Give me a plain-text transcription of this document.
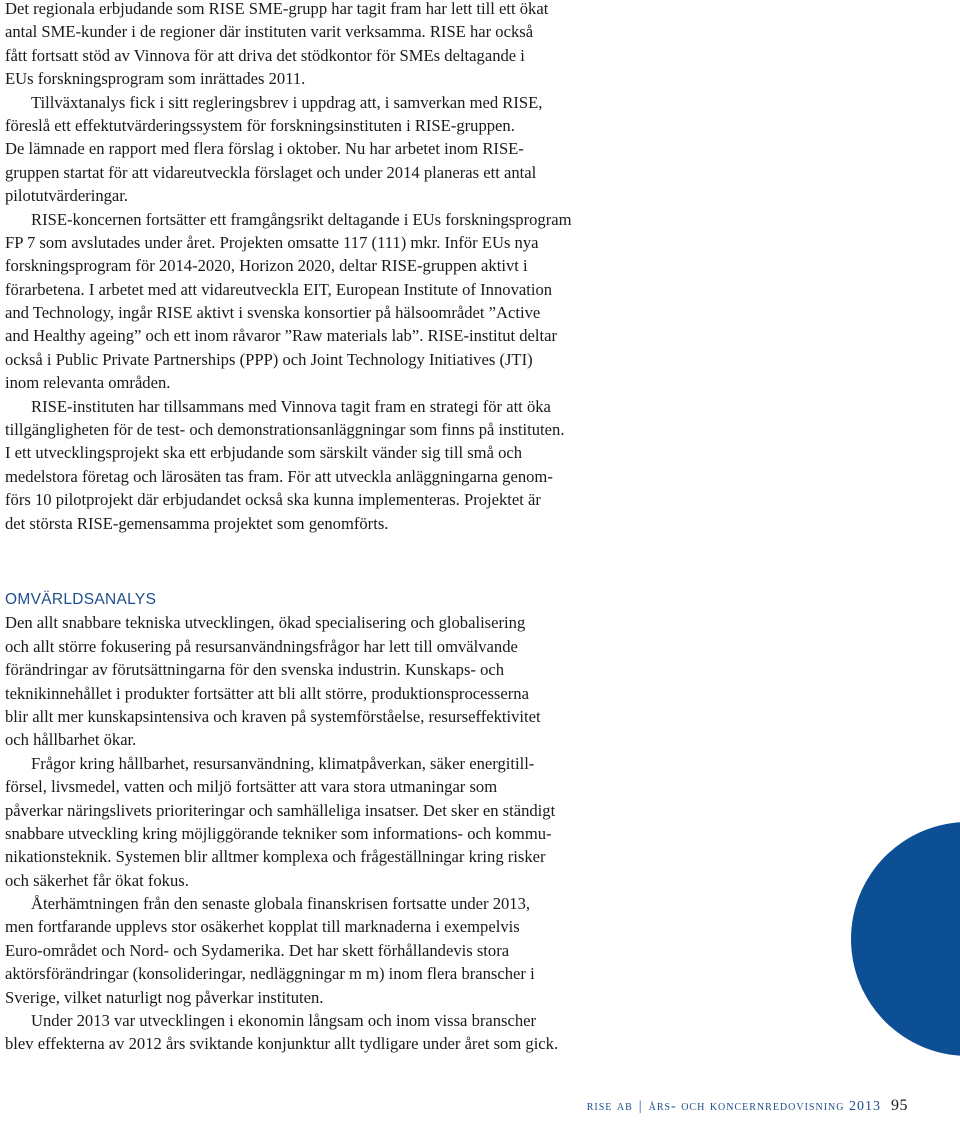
Det regionala erbjudande som RISE SME-grupp har tagit fram har lett till ett ökat
antal SME-kunder i de regioner där instituten varit verksamma. RISE har också
fått fortsatt stöd av Vinnova för att driva det stödkontor för SMEs deltagande i
EUs forskningsprogram som inrättades 2011.
Tillväxtanalys fick i sitt regleringsbrev i uppdrag att, i samverkan med RISE,
föreslå ett effektutvärderingssystem för forskningsinstituten i RISE-gruppen.
De lämnade en rapport med flera förslag i oktober. Nu har arbetet inom RISE-
gruppen startat för att vidareutveckla förslaget och under 2014 planeras ett antal
pilotutvärderingar.
RISE-koncernen fortsätter ett framgångsrikt deltagande i EUs forskningsprogram
FP 7 som avslutades under året. Projekten omsatte 117 (111) mkr. Inför EUs nya
forskningsprogram för 2014-2020, Horizon 2020, deltar RISE-gruppen aktivt i
förarbetena. I arbetet med att vidareutveckla EIT, European Institute of Innovation
and Technology, ingår RISE aktivt i svenska konsortier på hälsoområdet ”Active
and Healthy ageing” och ett inom råvaror ”Raw materials lab”. RISE-institut deltar
också i Public Private Partnerships (PPP) och Joint Technology Initiatives (JTI)
inom relevanta områden.
RISE-instituten har tillsammans med Vinnova tagit fram en strategi för att öka
tillgängligheten för de test- och demonstrationsanläggningar som finns på instituten.
I ett utvecklingsprojekt ska ett erbjudande som särskilt vänder sig till små och
medelstora företag och lärosäten tas fram. För att utveckla anläggningarna genom-
förs 10 pilotprojekt där erbjudandet också ska kunna implementeras. Projektet är
det största RISE-gemensamma projektet som genomförts.
OMVÄRLDSANALYS
Den allt snabbare tekniska utvecklingen, ökad specialisering och globalisering
och allt större fokusering på resursanvändningsfrågor har lett till omvälvande
förändringar av förutsättningarna för den svenska industrin. Kunskaps- och
teknikinnehållet i produkter fortsätter att bli allt större, produktionsprocesserna
blir allt mer kunskapsintensiva och kraven på systemförståelse, resurseffektivitet
och hållbarhet ökar.
Frågor kring hållbarhet, resursanvändning, klimatpåverkan, säker energitill-
försel, livsmedel, vatten och miljö fortsätter att vara stora utmaningar som
påverkar näringslivets prioriteringar och samhälleliga insatser. Det sker en ständigt
snabbare utveckling kring möjliggörande tekniker som informations- och kommu-
nikationsteknik. Systemen blir alltmer komplexa och frågeställningar kring risker
och säkerhet får ökat fokus.
Återhämtningen från den senaste globala finanskrisen fortsatte under 2013,
men fortfarande upplevs stor osäkerhet kopplat till marknaderna i exempelvis
Euro-området och Nord- och Sydamerika. Det har skett förhållandevis stora
aktörsförändringar (konsolideringar, nedläggningar m m) inom flera branscher i
Sverige, vilket naturligt nog påverkar instituten.
Under 2013 var utvecklingen i ekonomin långsam och inom vissa branscher
blev effekterna av 2012 års sviktande konjunktur allt tydligare under året som gick.
rise ab | års- och koncernredovisning 2013 95
